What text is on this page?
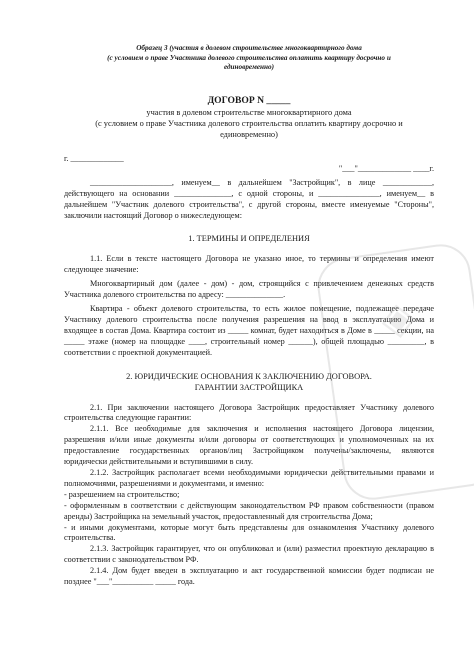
Образец 3 (участия в долевом строительстве многоквартирного дома
(с условием о праве Участника долевого строительства оплатить квартиру досрочно и
единовременно)
ДОГОВОР N _____
участия в долевом строительстве многоквартирного дома
(с условием о праве Участника долевого строительства оплатить квартиру досрочно и
единовременно)
г. _____________
"___"_____________ ____г.

____________________, именуем__ в дальнейшем "Застройщик", в лице ____________, действующего на основании ______________, с одной стороны, и _______________, именуем__ в дальнейшем "Участник долевого строительства", с другой стороны, вместе именуемые "Стороны", заключили настоящий Договор о нижеследующем:

1. ТЕРМИНЫ И ОПРЕДЕЛЕНИЯ

1.1. Если в тексте настоящего Договора не указано иное, то термины и определения имеют следующее значение:

Многоквартирный дом (далее - дом) - дом, строящийся с привлечением денежных средств Участника долевого строительства по адресу: ______________.

Квартира - объект долевого строительства, то есть жилое помещение, подлежащее передаче Участнику долевого строительства после получения разрешения на ввод в эксплуатацию Дома и входящее в состав Дома. Квартира состоит из _____ комнат, будет находиться в Доме в _____ секции, на _____ этаже (номер на площадке ____, строительный номер ______), общей площадью _________, в соответствии с проектной документацией.

2. ЮРИДИЧЕСКИЕ ОСНОВАНИЯ К ЗАКЛЮЧЕНИЮ ДОГОВОРА.
ГАРАНТИИ ЗАСТРОЙЩИКА

2.1. При заключении настоящего Договора Застройщик предоставляет Участнику долевого строительства следующие гарантии:

2.1.1. Все необходимые для заключения и исполнения настоящего Договора лицензии, разрешения и/или иные документы и/или договоры от соответствующих и уполномоченных на их предоставление государственных органов/лиц Застройщиком получены/заключены, являются юридически действительными и вступившими в силу.

2.1.2. Застройщик располагает всеми необходимыми юридически действительными правами и полномочиями, разрешениями и документами, и именно:

- разрешением на строительство;

- оформленным в соответствии с действующим законодательством РФ правом собственности (правом аренды) Застройщика на земельный участок, предоставленный для строительства Дома;

- и иными документами, которые могут быть представлены для ознакомления Участнику долевого строительства.

2.1.3. Застройщик гарантирует, что он опубликовал и (или) разместил проектную декларацию в соответствии с законодательством РФ.

2.1.4. Дом будет введен в эксплуатацию и акт государственной комиссии будет подписан не позднее "___"__________ _____ года.

◈
